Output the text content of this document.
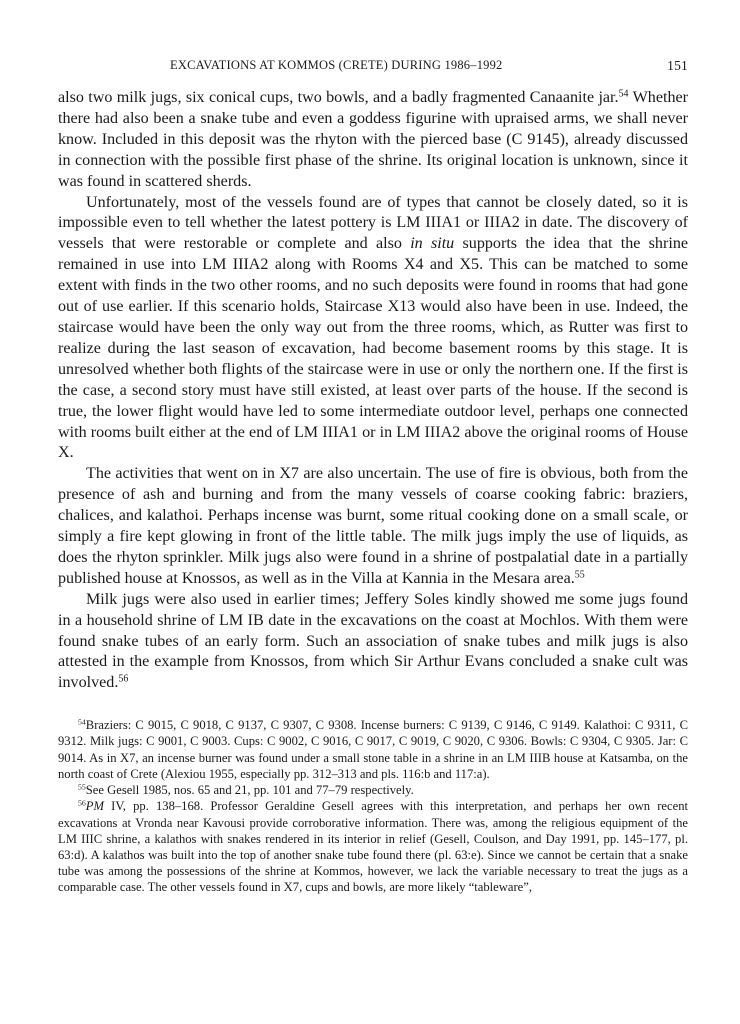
EXCAVATIONS AT KOMMOS (CRETE) DURING 1986–1992	151

also two milk jugs, six conical cups, two bowls, and a badly fragmented Canaanite jar.$^{54}$ Whether there had also been a snake tube and even a goddess figurine with upraised arms, we shall never know. Included in this deposit was the rhyton with the pierced base (C 9145), already discussed in connection with the possible first phase of the shrine. Its original location is unknown, since it was found in scattered sherds.

Unfortunately, most of the vessels found are of types that cannot be closely dated, so it is impossible even to tell whether the latest pottery is LM IIIA1 or IIIA2 in date. The discovery of vessels that were restorable or complete and also in situ supports the idea that the shrine remained in use into LM IIIA2 along with Rooms X4 and X5. This can be matched to some extent with finds in the two other rooms, and no such deposits were found in rooms that had gone out of use earlier. If this scenario holds, Staircase X13 would also have been in use. Indeed, the staircase would have been the only way out from the three rooms, which, as Rutter was first to realize during the last season of excavation, had become basement rooms by this stage. It is unresolved whether both flights of the staircase were in use or only the northern one. If the first is the case, a second story must have still existed, at least over parts of the house. If the second is true, the lower flight would have led to some intermediate outdoor level, perhaps one connected with rooms built either at the end of LM IIIA1 or in LM IIIA2 above the original rooms of House X.

The activities that went on in X7 are also uncertain. The use of fire is obvious, both from the presence of ash and burning and from the many vessels of coarse cooking fabric: braziers, chalices, and kalathoi. Perhaps incense was burnt, some ritual cooking done on a small scale, or simply a fire kept glowing in front of the little table. The milk jugs imply the use of liquids, as does the rhyton sprinkler. Milk jugs also were found in a shrine of postpalatial date in a partially published house at Knossos, as well as in the Villa at Kannia in the Mesara area.$^{55}$

Milk jugs were also used in earlier times; Jeffery Soles kindly showed me some jugs found in a household shrine of LM IB date in the excavations on the coast at Mochlos. With them were found snake tubes of an early form. Such an association of snake tubes and milk jugs is also attested in the example from Knossos, from which Sir Arthur Evans concluded a snake cult was involved.$^{56}$

$^{54}$Braziers: C 9015, C 9018, C 9137, C 9307, C 9308. Incense burners: C 9139, C 9146, C 9149. Kalathoi: C 9311, C 9312. Milk jugs: C 9001, C 9003. Cups: C 9002, C 9016, C 9017, C 9019, C 9020, C 9306. Bowls: C 9304, C 9305. Jar: C 9014. As in X7, an incense burner was found under a small stone table in a shrine in an LM IIIB house at Katsamba, on the north coast of Crete (Alexiou 1955, especially pp. 312–313 and pls. 116:b and 117:a).

$^{55}$See Gesell 1985, nos. 65 and 21, pp. 101 and 77–79 respectively.

$^{56}$PM IV, pp. 138–168. Professor Geraldine Gesell agrees with this interpretation, and perhaps her own recent excavations at Vronda near Kavousi provide corroborative information. There was, among the religious equipment of the LM IIIC shrine, a kalathos with snakes rendered in its interior in relief (Gesell, Coulson, and Day 1991, pp. 145–177, pl. 63:d). A kalathos was built into the top of another snake tube found there (pl. 63:e). Since we cannot be certain that a snake tube was among the possessions of the shrine at Kommos, however, we lack the variable necessary to treat the jugs as a comparable case. The other vessels found in X7, cups and bowls, are more likely “tableware”,
